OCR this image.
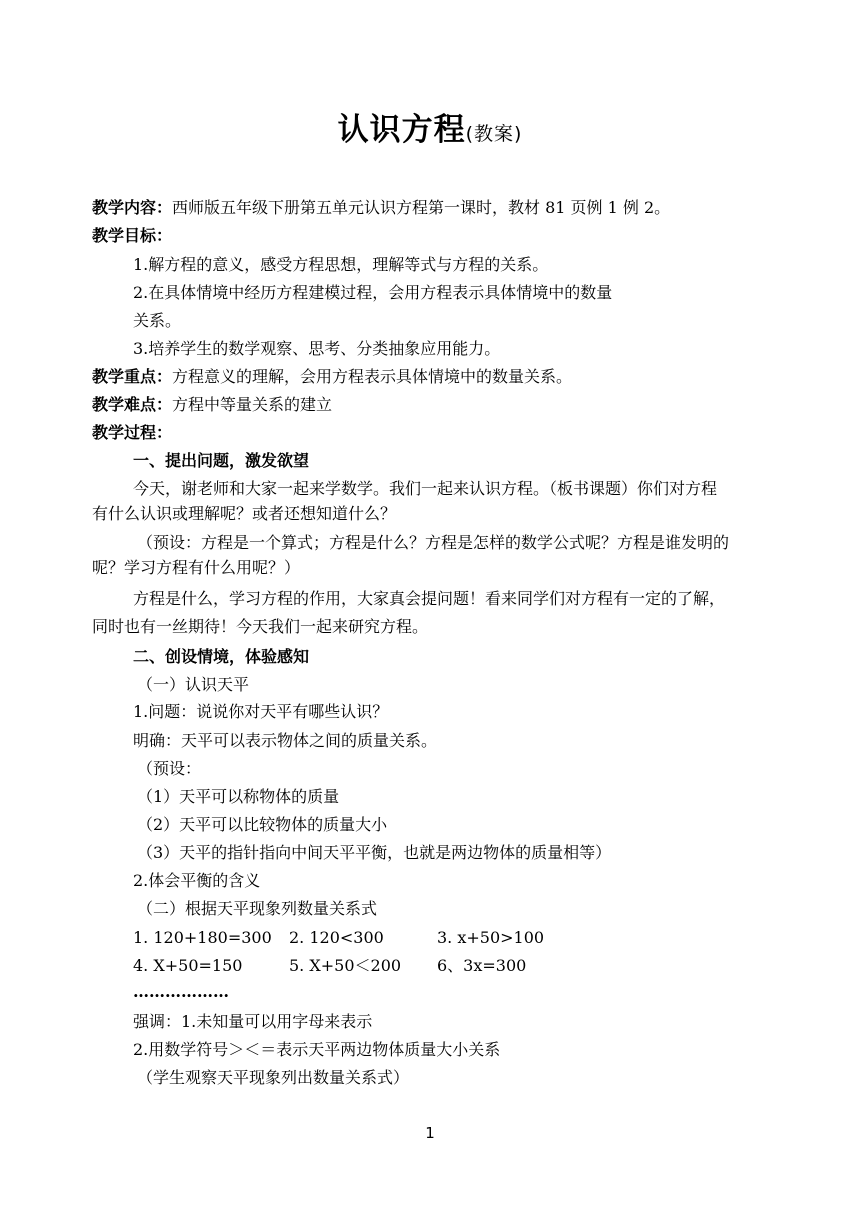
认识方程(教案)
教学内容：西师版五年级下册第五单元认识方程第一课时，教材 81 页例 1 例 2。
教学目标：
1.解方程的意义，感受方程思想，理解等式与方程的关系。
2.在具体情境中经历方程建模过程，会用方程表示具体情境中的数量
关系。
3.培养学生的数学观察、思考、分类抽象应用能力。
教学重点：方程意义的理解，会用方程表示具体情境中的数量关系。
教学难点：方程中等量关系的建立
教学过程：
一、提出问题，激发欲望
今天，谢老师和大家一起来学数学。我们一起来认识方程。（板书课题）你们对方程
有什么认识或理解呢？或者还想知道什么？
（预设：方程是一个算式；方程是什么？方程是怎样的数学公式呢？方程是谁发明的
呢？学习方程有什么用呢？）
方程是什么，学习方程的作用，大家真会提问题！看来同学们对方程有一定的了解，
同时也有一丝期待！今天我们一起来研究方程。
二、创设情境，体验感知
（一）认识天平
1.问题：说说你对天平有哪些认识？
明确：天平可以表示物体之间的质量关系。
（预设：
（1）天平可以称物体的质量
（2）天平可以比较物体的质量大小
（3）天平的指针指向中间天平平衡，也就是两边物体的质量相等）
2.体会平衡的含义
（二）根据天平现象列数量关系式
1. 120+180=300 2. 120<300	3. x+50>100
4. X+50=150	5. X+50＜200 6、3x=300
………………
强调：1.未知量可以用字母来表示
2.用数学符号＞＜＝表示天平两边物体质量大小关系
（学生观察天平现象列出数量关系式）
1
